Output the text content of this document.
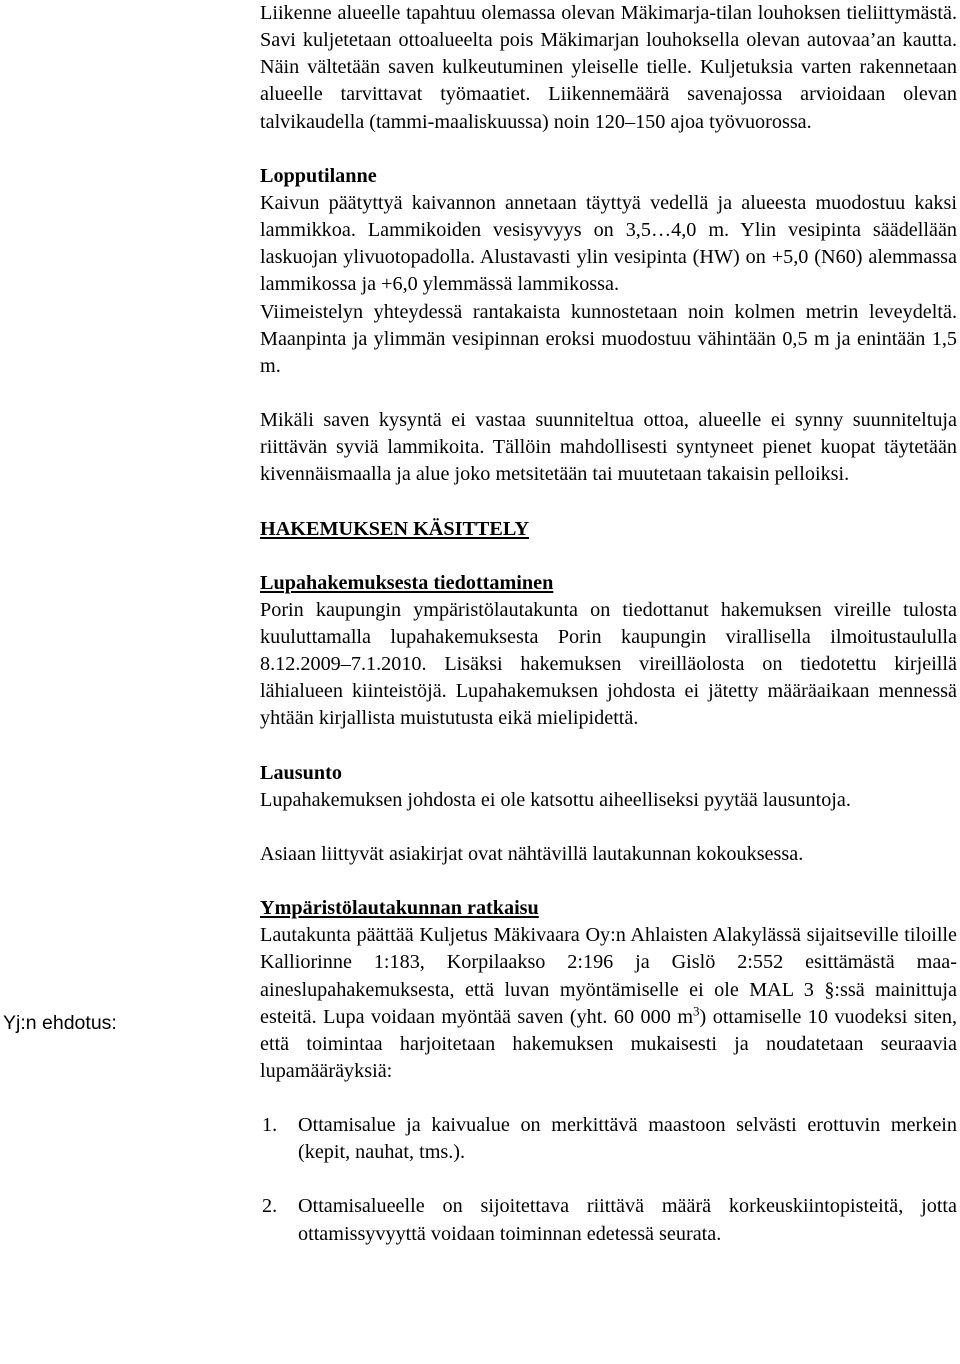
Liikenne alueelle tapahtuu olemassa olevan Mäkimarja-tilan louhoksen tieliittymästä. Savi kuljetetaan ottoalueelta pois Mäkimarjan louhoksella olevan autovaa’an kautta. Näin vältetään saven kulkeutuminen yleiselle tielle. Kuljetuksia varten rakennetaan alueelle tarvittavat työmaatiet. Liikennemäärä savenajossa arvioidaan olevan talvikaudella (tammi-maaliskuussa) noin 120–150 ajoa työvuorossa.

Lopputilanne

Kaivun päätyttyä kaivannon annetaan täyttyä vedellä ja alueesta muodostuu kaksi lammikkoa. Lammikoiden vesisyvyys on 3,5…4,0 m. Ylin vesipinta säädellään laskuojan ylivuotopadolla. Alustavasti ylin vesipinta (HW) on +5,0 (N60) alemmassa lammikossa ja +6,0 ylemmässä lammikossa.

Viimeistelyn yhteydessä rantakaista kunnostetaan noin kolmen metrin leveydeltä. Maanpinta ja ylimmän vesipinnan eroksi muodostuu vähintään 0,5 m ja enintään 1,5 m.

Mikäli saven kysyntä ei vastaa suunniteltua ottoa, alueelle ei synny suunniteltuja riittävän syviä lammikoita. Tällöin mahdollisesti syntyneet pienet kuopat täytetään kivennäismaalla ja alue joko metsitetään tai muutetaan takaisin pelloiksi.

HAKEMUKSEN KÄSITTELY
Lupahakemuksesta tiedottaminen

Porin kaupungin ympäristölautakunta on tiedottanut hakemuksen vireille tulosta kuuluttamalla lupahakemuksesta Porin kaupungin virallisella ilmoitustaululla 8.12.2009–7.1.2010. Lisäksi hakemuksen vireilläolosta on tiedotettu kirjeillä lähialueen kiinteistöjä. Lupahakemuksen johdosta ei jätetty määräaikaan mennessä yhtään kirjallista muistutusta eikä mielipidettä.

Lausunto

Lupahakemuksen johdosta ei ole katsottu aiheelliseksi pyytää lausuntoja.

Asiaan liittyvät asiakirjat ovat nähtävillä lautakunnan kokouksessa.

Ympäristölautakunnan ratkaisu

Lautakunta päättää Kuljetus Mäkivaara Oy:n Ahlaisten Alakylässä sijaitseville tiloille Kalliorinne 1:183, Korpilaakso 2:196 ja Gislö 2:552 esittämästä maa-aineslupahakemuksesta, että luvan myöntämiselle ei ole MAL 3 §:ssä mainittuja esteitä. Lupa voidaan myöntää saven (yht. 60 000 $m^3$) ottamiselle 10 vuodeksi siten, että toimintaa harjoitetaan hakemuksen mukaisesti ja noudatetaan seuraavia lupamääräyksiä:

1. Ottamisalue ja kaivualue on merkittävä maastoon selvästi erottuvin merkein (kepit, nauhat, tms.).
2. Ottamisalueelle on sijoitettava riittävä määrä korkeuskiintopisteitä, jotta ottamissyvyyttä voidaan toiminnan edetessä seurata.
Yj:n ehdotus:
